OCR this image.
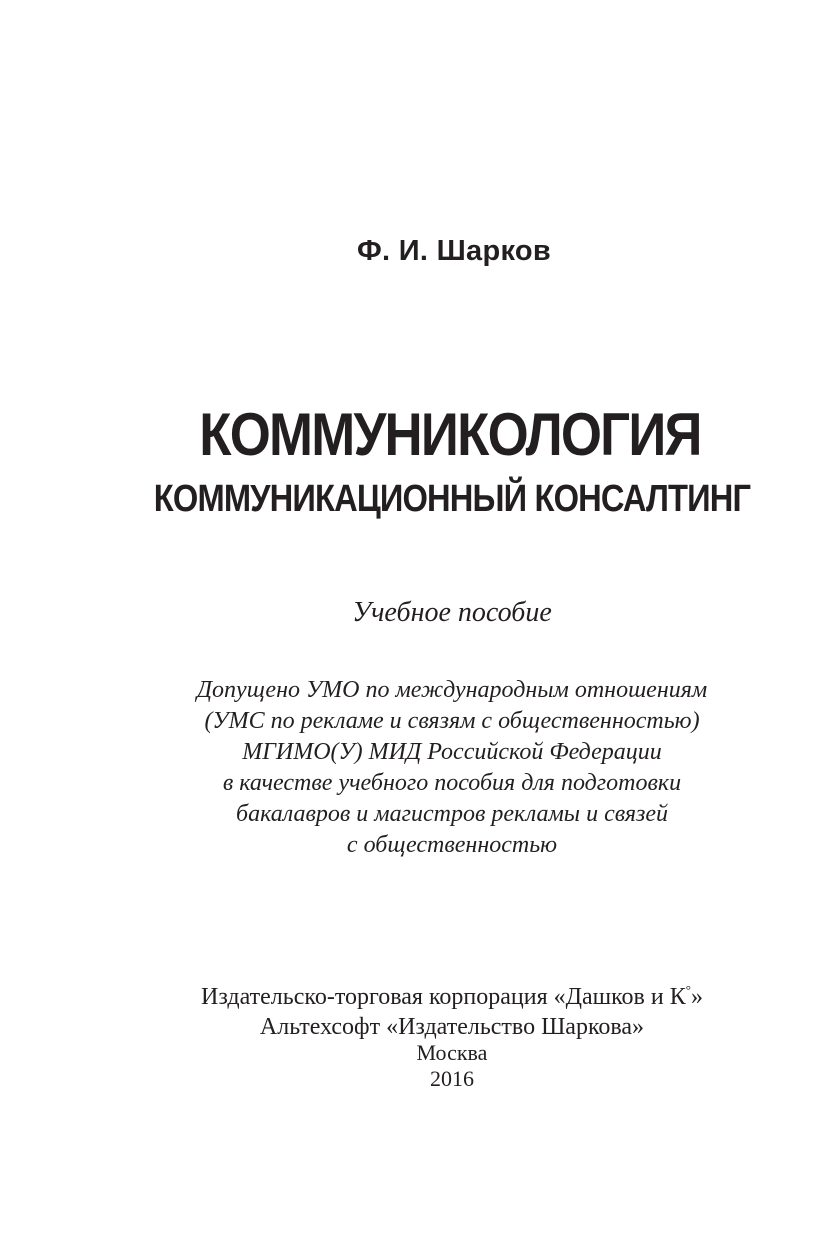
Ф. И. Шарков
КОММУНИКОЛОГИЯ
КОММУНИКАЦИОННЫЙ КОНСАЛТИНГ
Учебное пособие
Допущено УМО по международным отношениям
(УМС по рекламе и связям с общественностью)
МГИМО(У) МИД Российской Федерации
в качестве учебного пособия для подготовки
бакалавров и магистров рекламы и связей
с общественностью
Издательско-торговая корпорация «Дашков и К°»
Альтехсофт «Издательство Шаркова»
Москва
2016
